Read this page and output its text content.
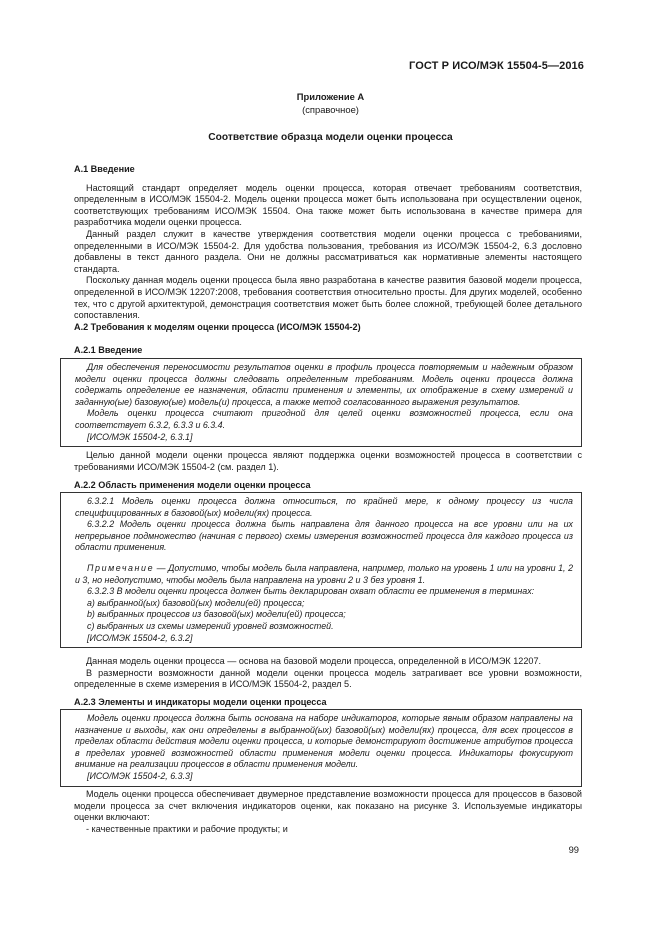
ГОСТ Р ИСО/МЭК 15504-5—2016
Приложение А
(справочное)
Соответствие образца модели оценки процесса
А.1 Введение

Настоящий стандарт определяет модель оценки процесса, которая отвечает требованиям соответствия, определенным в ИСО/МЭК 15504-2. Модель оценки процесса может быть использована при осуществлении оценок, соответствующих требованиям ИСО/МЭК 15504. Она также может быть использована в качестве примера для разработчика модели оценки процесса.

Данный раздел служит в качестве утверждения соответствия модели оценки процесса с требованиями, определенными в ИСО/МЭК 15504-2. Для удобства пользования, требования из ИСО/МЭК 15504-2, 6.3 дословно добавлены в текст данного раздела. Они не должны рассматриваться как нормативные элементы настоящего стандарта.

Поскольку данная модель оценки процесса была явно разработана в качестве развития базовой модели процесса, определенной в ИСО/МЭК 12207:2008, требования соответствия относительно просты. Для других моделей, особенно тех, что с другой архитектурой, демонстрация соответствия может быть более сложной, требующей более детального сопоставления.

А.2 Требования к моделям оценки процесса (ИСО/МЭК 15504-2)
А.2.1 Введение

Для обеспечения переносимости результатов оценки в профиль процесса повторяемым и надежным образом модели оценки процесса должны следовать определенным требованиям. Модель оценки процесса должна содержать определение ее назначения, области применения и элементы, их отображение в схему измерений и заданную(ые) базовую(ые) модель(и) процесса, а также метод согласованного выражения результатов.

Модель оценки процесса считают пригодной для целей оценки возможностей процесса, если она соответствует 6.3.2, 6.3.3 и 6.3.4.

[ИСО/МЭК 15504-2, 6.3.1]

Целью данной модели оценки процесса являют поддержка оценки возможностей процесса в соответствии с требованиями ИСО/МЭК 15504-2 (см. раздел 1).

А.2.2 Область применения модели оценки процесса

6.3.2.1 Модель оценки процесса должна относиться, по крайней мере, к одному процессу из числа специфицированных в базовой(ых) модели(ях) процесса.

6.3.2.2 Модель оценки процесса должна быть направлена для данного процесса на все уровни или на их непрерывное подмножество (начиная с первого) схемы измерения возможностей процесса для каждого процесса из области применения.

Примечание — Допустимо, чтобы модель была направлена, например, только на уровень 1 или на уровни 1, 2 и 3, но недопустимо, чтобы модель была направлена на уровни 2 и 3 без уровня 1.

6.3.2.3 В модели оценки процесса должен быть декларирован охват области ее применения в терминах:

a) выбранной(ых) базовой(ых) модели(ей) процесса;

b) выбранных процессов из базовой(ых) модели(ей) процесса;

c) выбранных из схемы измерений уровней возможностей.

[ИСО/МЭК 15504-2, 6.3.2]

Данная модель оценки процесса — основа на базовой модели процесса, определенной в ИСО/МЭК 12207.

В размерности возможности данной модели оценки процесса модель затрагивает все уровни возможности, определенные в схеме измерения в ИСО/МЭК 15504-2, раздел 5.

А.2.3 Элементы и индикаторы модели оценки процесса

Модель оценки процесса должна быть основана на наборе индикаторов, которые явным образом направлены на назначение и выходы, как они определены в выбранной(ых) базовой(ых) модели(ях) процесса, для всех процессов в пределах области действия модели оценки процесса, и которые демонстрируют достижение атрибутов процесса в пределах уровней возможностей области применения модели оценки процесса. Индикаторы фокусируют внимание на реализации процессов в области применения модели.

[ИСО/МЭК 15504-2, 6.3.3]

Модель оценки процесса обеспечивает двумерное представление возможности процесса для процессов в базовой модели процесса за счет включения индикаторов оценки, как показано на рисунке 3. Используемые индикаторы оценки включают:

- качественные практики и рабочие продукты; и

99
